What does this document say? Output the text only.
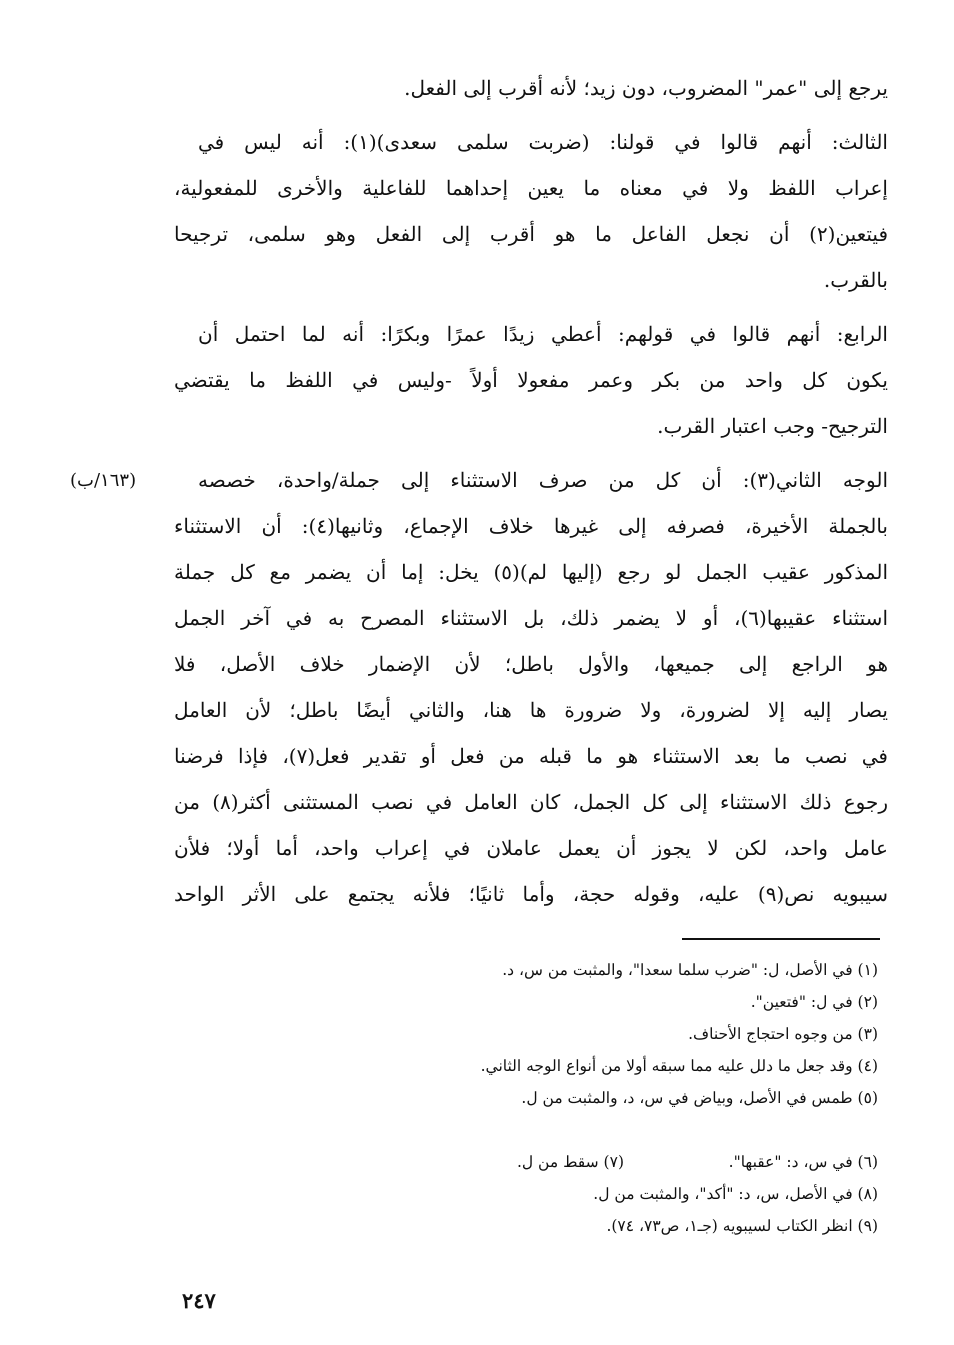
يرجع إلى "عمر" المضروب، دون زيد؛ لأنه أقرب إلى الفعل.
الثالث: أنهم قالوا في قولنا: (ضربت سلمى سعدى)(١): أنه ليس في
إعراب اللفظ ولا في معناه ما يعين إحداهما للفاعلية والأخرى للمفعولية،
فيتعين(٢) أن نجعل الفاعل ما هو أقرب إلى الفعل وهو سلمى، ترجيحا
بالقرب.
الرابع: أنهم قالوا في قولهم: أعطي زيدًا عمرًا وبكرًا: أنه لما احتمل أن
يكون كل واحد من بكر وعمر مفعولا أولاً -وليس في اللفظ ما يقتضي
الترجيح- وجب اعتبار القرب.
(١٦٣/ب)	الوجه الثاني(٣): أن كل من صرف الاستثناء إلى جملة/واحدة، خصصه
بالجملة الأخيرة، فصرفه إلى غيرها خلاف الإجماع، وثانيها(٤): أن الاستثناء
المذكور عقيب الجمل لو رجع (إليها لم)(٥) يخل: إما أن يضمر مع كل جملة
استثناء عقيبها(٦)، أو لا يضمر ذلك، بل الاستثناء المصرح به في آخر الجمل
هو الراجع إلى جميعها، والأول باطل؛ لأن الإضمار خلاف الأصل، فلا
يصار إليه إلا لضرورة، ولا ضرورة ها هنا، والثاني أيضًا باطل؛ لأن العامل
في نصب ما بعد الاستثناء هو ما قبله من فعل أو تقدير فعل(٧)، فإذا فرضنا
رجوع ذلك الاستثناء إلى كل الجمل، كان العامل في نصب المستثنى أكثر(٨) من
عامل واحد، لكن لا يجوز أن يعمل عاملان في إعراب واحد، أما أولا؛ فلأن
سيبويه نص(٩) عليه، وقوله حجة، وأما ثانيًا؛ فلأنه يجتمع على الأثر الواحد
(١) في الأصل، ل: "ضرب سلما سعدا"، والمثبت من س، د.
(٢) في ل: "فتعين".
(٣) من وجوه احتجاج الأحناف.
(٤) وقد جعل ما دلل عليه مما سبقه أولا من أنواع الوجه الثاني.
(٥) طمس في الأصل، وبياض في س، د، والمثبت من ل.
(٦) في س، د: "عقبها".
(٧) سقط من ل.
(٨) في الأصل، س، د: "أكد"، والمثبت من ل.
(٩) انظر الكتاب لسيبويه (جـ١، ص٧٣، ٧٤).
٢٤٧
